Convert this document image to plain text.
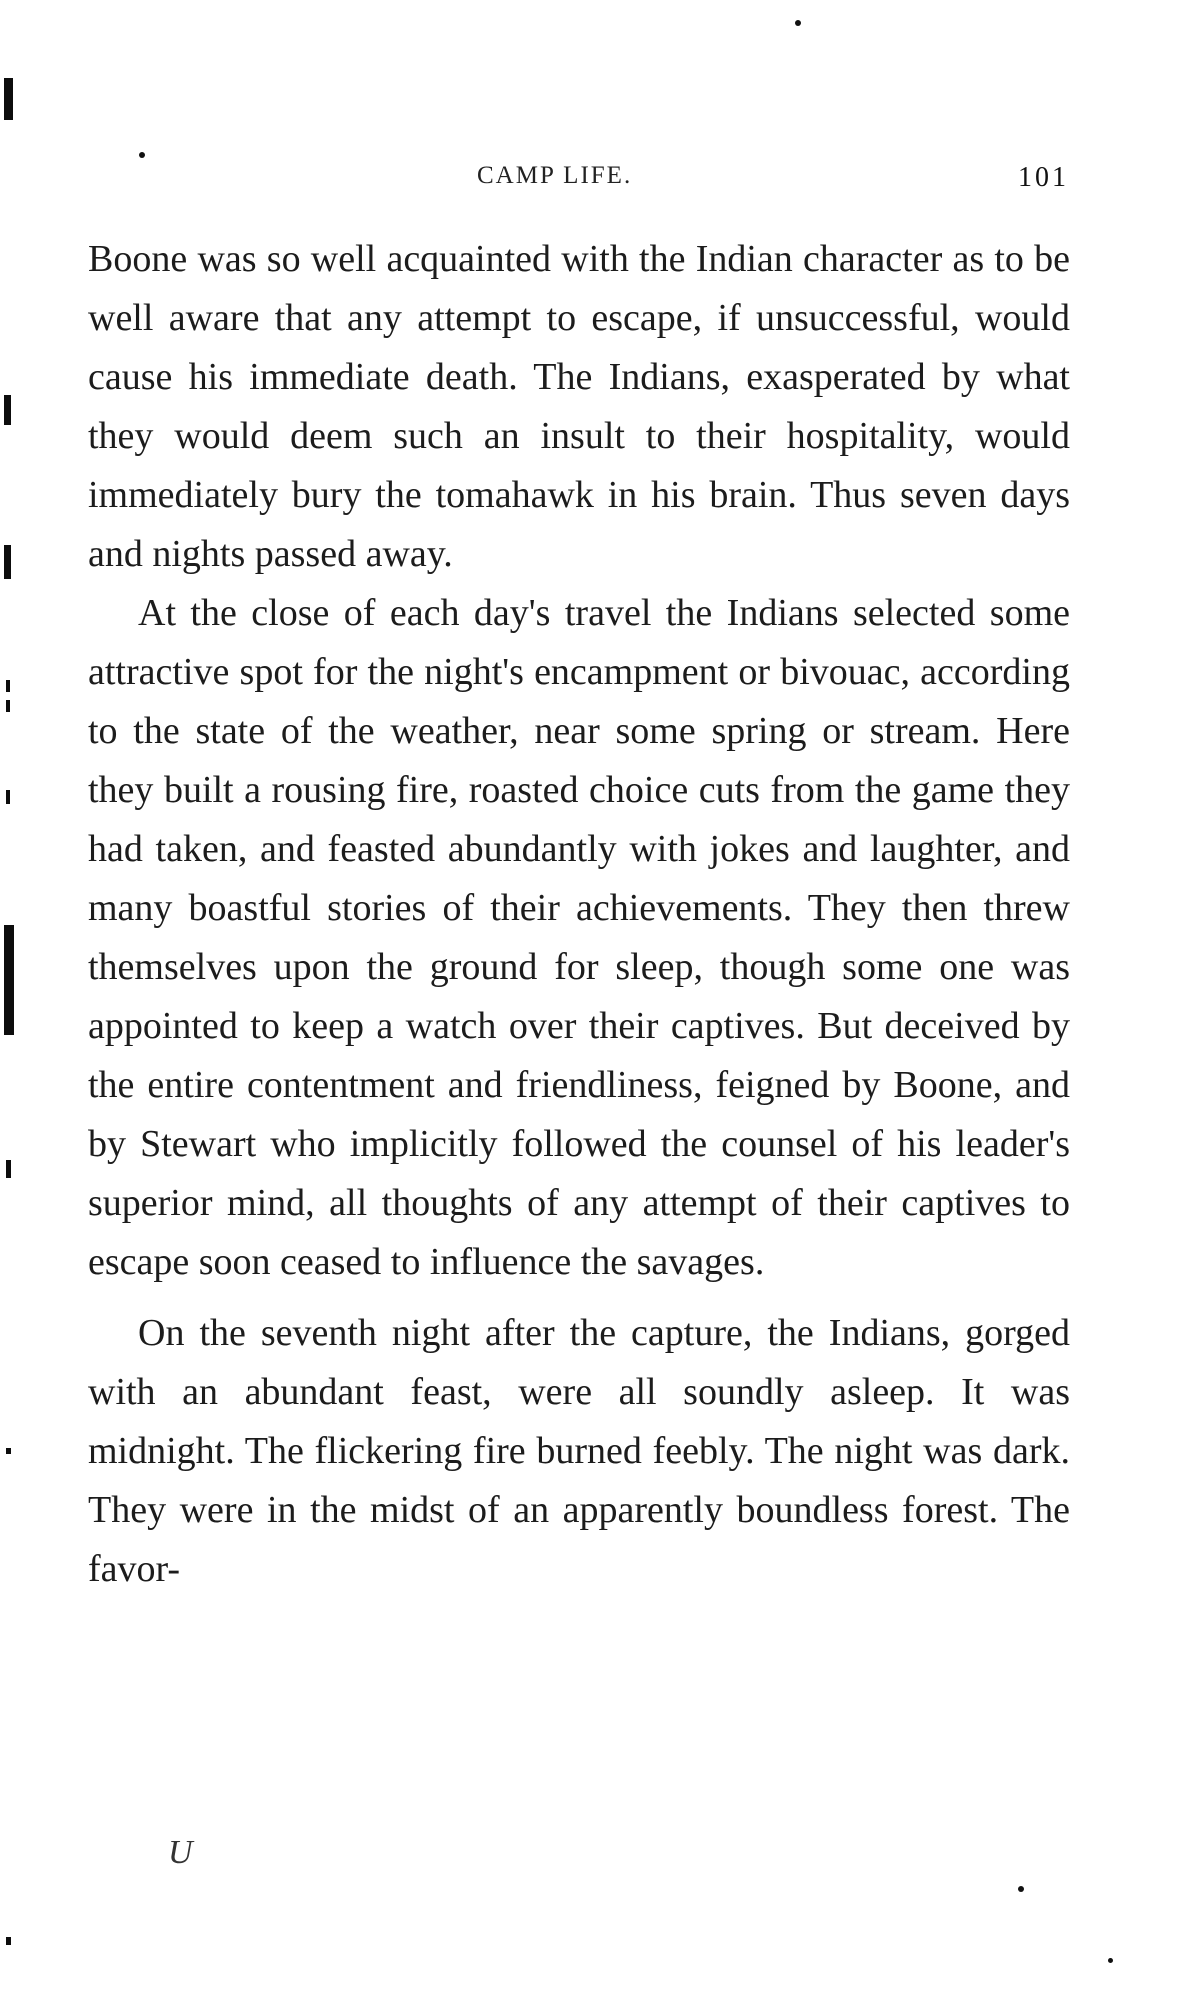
CAMP LIFE.	101

Boone was so well acquainted with the Indian character as to be well aware that any attempt to escape, if unsuccessful, would cause his immediate death. The Indians, exasperated by what they would deem such an insult to their hospitality, would immediately bury the tomahawk in his brain. Thus seven days and nights passed away.

At the close of each day's travel the Indians selected some attractive spot for the night's encampment or bivouac, according to the state of the weather, near some spring or stream. Here they built a rousing fire, roasted choice cuts from the game they had taken, and feasted abundantly with jokes and laughter, and many boastful stories of their achievements. They then threw themselves upon the ground for sleep, though some one was appointed to keep a watch over their captives. But deceived by the entire contentment and friendliness, feigned by Boone, and by Stewart who implicitly followed the counsel of his leader's superior mind, all thoughts of any attempt of their captives to escape soon ceased to influence the savages.

On the seventh night after the capture, the Indians, gorged with an abundant feast, were all soundly asleep. It was midnight. The flickering fire burned feebly. The night was dark. They were in the midst of an apparently boundless forest. The favor-

U
